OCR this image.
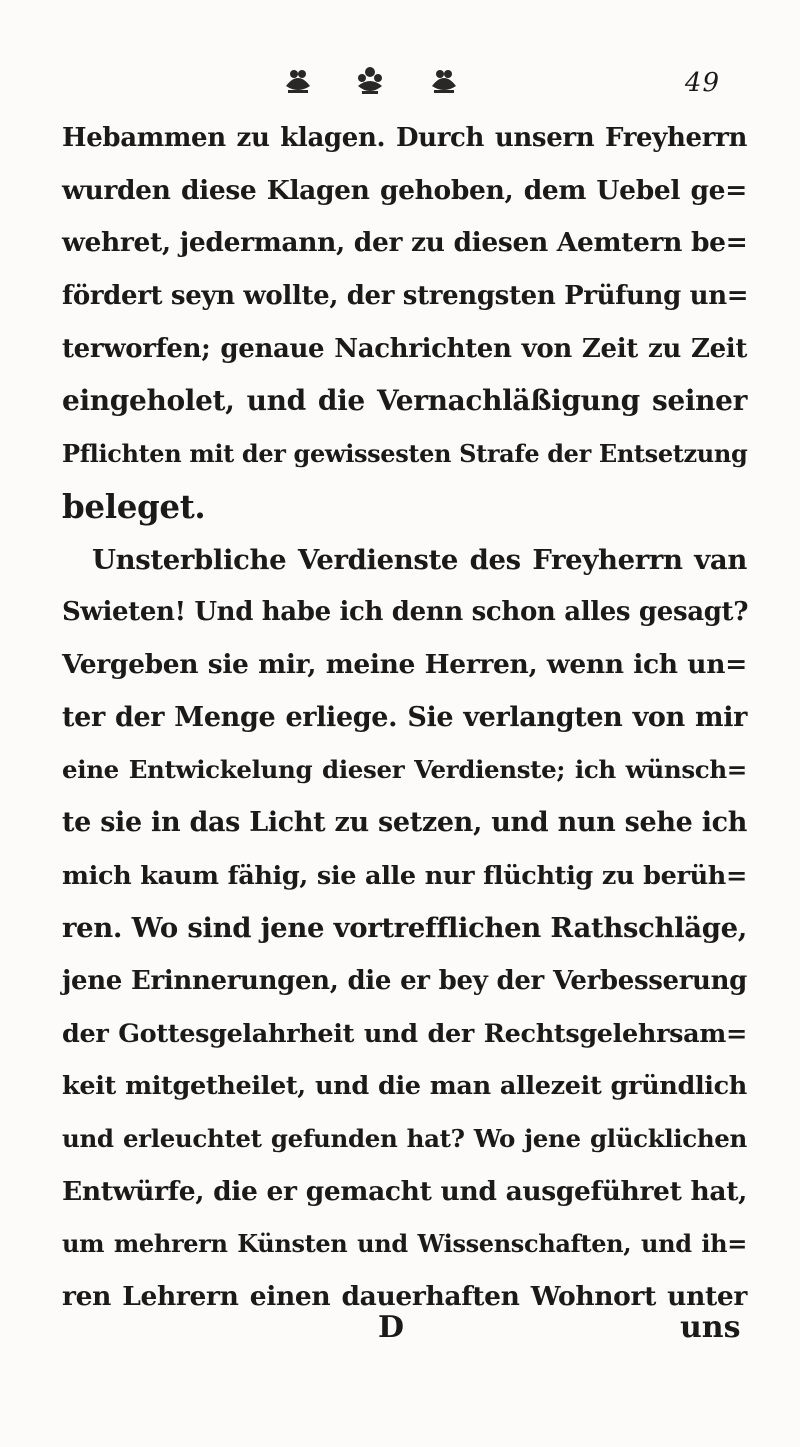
49
Hebammen zu klagen. Durch unsern Freyherrn
wurden diese Klagen gehoben, dem Uebel ge=
wehret, jedermann, der zu diesen Aemtern be=
fördert seyn wollte, der strengsten Prüfung un=
terworfen; genaue Nachrichten von Zeit zu Zeit
eingeholet, und die Vernachläßigung seiner
Pflichten mit der gewissesten Strafe der Entsetzung
beleget.
Unsterbliche Verdienste des Freyherrn van
Swieten! Und habe ich denn schon alles gesagt?
Vergeben sie mir, meine Herren, wenn ich un=
ter der Menge erliege. Sie verlangten von mir
eine Entwickelung dieser Verdienste; ich wünsch=
te sie in das Licht zu setzen, und nun sehe ich
mich kaum fähig, sie alle nur flüchtig zu berüh=
ren. Wo sind jene vortrefflichen Rathschläge,
jene Erinnerungen, die er bey der Verbesserung
der Gottesgelahrheit und der Rechtsgelehrsam=
keit mitgetheilet, und die man allezeit gründlich
und erleuchtet gefunden hat? Wo jene glücklichen
Entwürfe, die er gemacht und ausgeführet hat,
um mehrern Künsten und Wissenschaften, und ih=
ren Lehrern einen dauerhaften Wohnort unter
D	uns
